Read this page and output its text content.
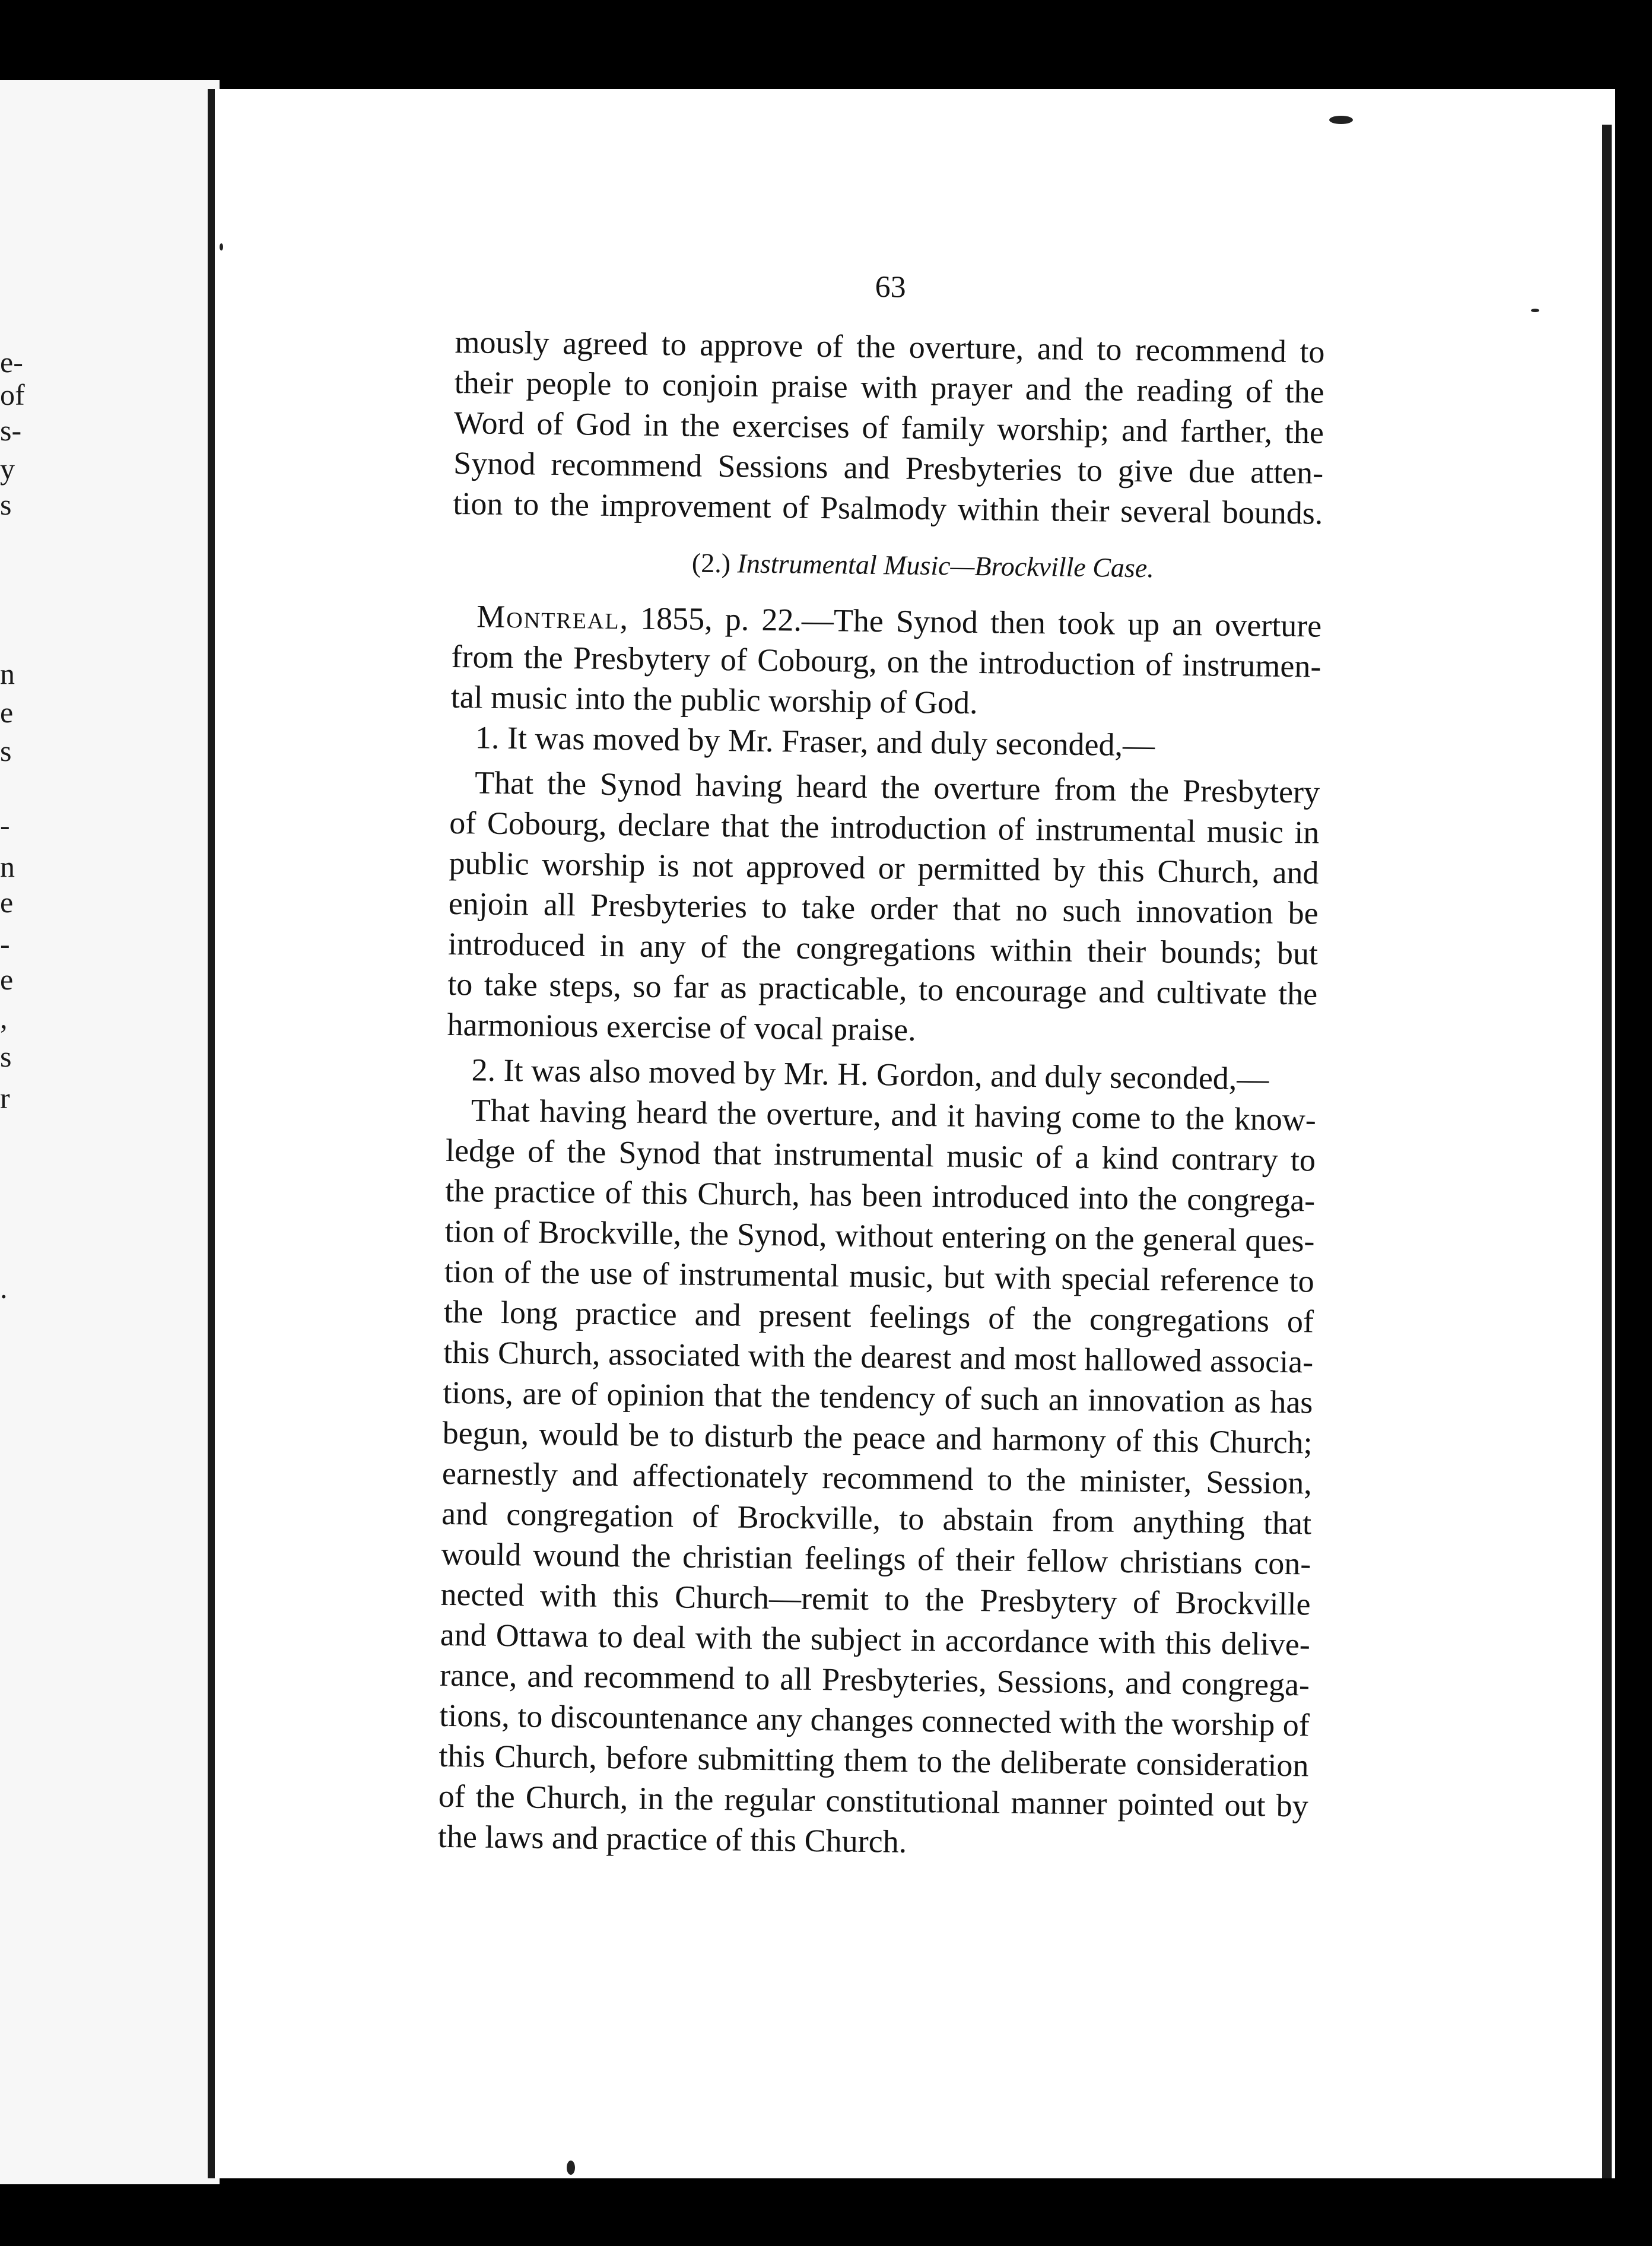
e-
of
s-
y
s
n
e
s
-
n
e
-
e
,
s
r
.
63
mously agreed to approve of the overture, and to recommend to
their people to conjoin praise with prayer and the reading of the
Word of God in the exercises of family worship; and farther, the
Synod recommend Sessions and Presbyteries to give due atten-
tion to the improvement of Psalmody within their several bounds.
(2.) Instrumental Music—Brockville Case.
Montreal, 1855, p. 22.—The Synod then took up an overture
from the Presbytery of Cobourg, on the introduction of instrumen-
tal music into the public worship of God.
1. It was moved by Mr. Fraser, and duly seconded,—
That the Synod having heard the overture from the Presbytery
of Cobourg, declare that the introduction of instrumental music in
public worship is not approved or permitted by this Church, and
enjoin all Presbyteries to take order that no such innovation be
introduced in any of the congregations within their bounds; but
to take steps, so far as practicable, to encourage and cultivate the
harmonious exercise of vocal praise.
2. It was also moved by Mr. H. Gordon, and duly seconded,—
That having heard the overture, and it having come to the know-
ledge of the Synod that instrumental music of a kind contrary to
the practice of this Church, has been introduced into the congrega-
tion of Brockville, the Synod, without entering on the general ques-
tion of the use of instrumental music, but with special reference to
the long practice and present feelings of the congregations of
this Church, associated with the dearest and most hallowed associa-
tions, are of opinion that the tendency of such an innovation as has
begun, would be to disturb the peace and harmony of this Church;
earnestly and affectionately recommend to the minister, Session,
and congregation of Brockville, to abstain from anything that
would wound the christian feelings of their fellow christians con-
nected with this Church—remit to the Presbytery of Brockville
and Ottawa to deal with the subject in accordance with this delive-
rance, and recommend to all Presbyteries, Sessions, and congrega-
tions, to discountenance any changes connected with the worship of
this Church, before submitting them to the deliberate consideration
of the Church, in the regular constitutional manner pointed out by
the laws and practice of this Church.
